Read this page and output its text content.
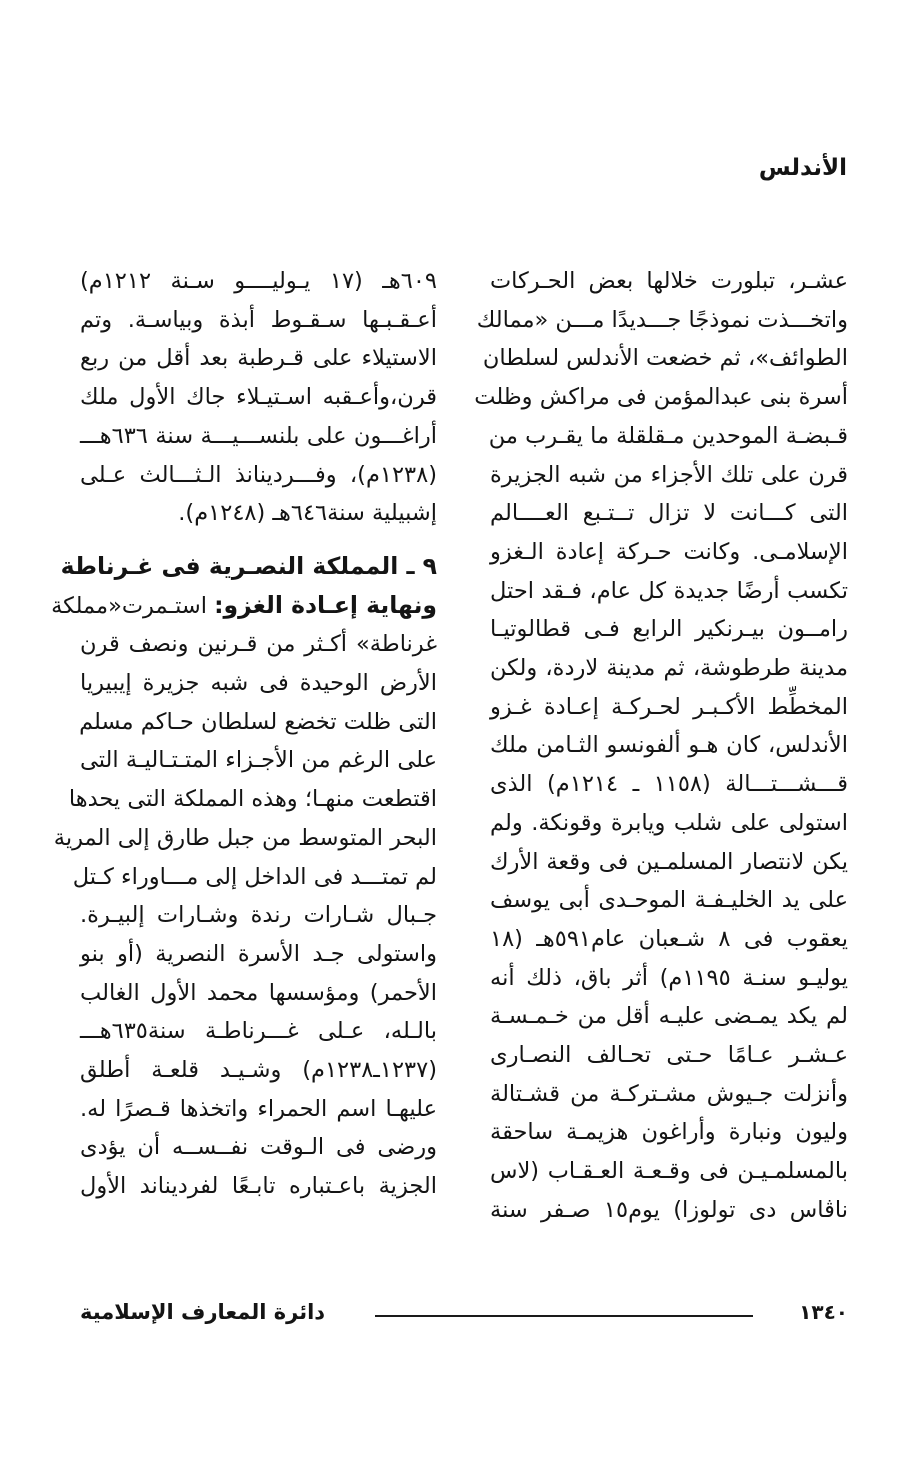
الأندلس
عشـر، تبلورت خلالها بعض الحـركات
واتخـــذت نموذجًا جـــديدًا مـــن «ممالك
الطوائف»، ثم خضعت الأندلس لسلطان
أسرة بنى عبدالمؤمن فى مراكش وظلت
قـبضـة الموحدين مـقلقلة ما يقـرب من
قرن على تلك الأجزاء من شبه الجزيرة
التى كـــانت لا تزال تــتـبع العــــالم
الإسلامـى. وكانت حـركة إعادة الـغزو
تكسب أرضًا جديدة كل عام، فـقد احتل
رامــون بيـرنكير الرابع فـى قطالوتيـا
مدينة طرطوشة، ثم مدينة لاردة، ولكن
المخطِّط الأكـبـر لحـركـة إعـادة غـزو
الأندلس، كان هـو ألفونسو الثـامن ملك
قـــشـــتـــالة (١١٥٨ ـ ١٢١٤م) الذى
استولى على شلب ويابرة وقونكة. ولم
يكن لانتصار المسلمـين فى وقعة الأرك
على يد الخليـفـة الموحـدى أبى يوسف
يعقوب فى ٨ شـعبان عام٥٩١هـ (١٨
يوليـو سنـة ١١٩٥م) أثر باق، ذلك أنه
لم يكد يمـضى عليـه أقل من خـمـسـة
عـشـر عـامًا حـتى تحـالف النصـارى
وأنزلت جـيوش مشـتركـة من قشـتالة
وليون ونبارة وأراغون هزيمـة ساحقة
بالمسلمـيـن فى وقـعـة العـقـاب (لاس
ناڤاس دى تولوزا) يوم١٥ صـفر سنة
٦٠٩هـ (١٧ يـوليــــو سـنة ١٢١٢م)
أعـقـبـها سـقـوط أبذة وبياسـة. وتم
الاستيلاء على قـرطبة بعد أقل من ربع
قرن،وأعـقبه اسـتيـلاء جاك الأول ملك
أراغـــون على بلنســـيـــة سنة ٦٣٦هـــ
(١٢٣٨م)، وفـــردينانذ الـثـــالث عـلى
إشبيلية سنة٦٤٦هـ (١٢٤٨م).
٩ ـ المملكة النصـرية فى غـرناطة
ونهاية إعـادة الغزو: استـمرت«مملكة
غرناطة» أكـثر من قـرنين ونصف قرن
الأرض الوحيدة فى شبه جزيرة إيبيريا
التى ظلت تخضع لسلطان حـاكم مسلم
على الرغم من الأجـزاء المتـتـاليـة التى
اقتطعت منهـا؛ وهذه المملكة التى يحدها
البحر المتوسط من جبل طارق إلى المرية
لم تمتـــد فى الداخل إلى مـــاوراء كـتل
جـبال شـارات رندة وشـارات إلبيـرة.
واستولى جـد الأسرة النصرية (أو بنو
الأحمر) ومؤسسها محمد الأول الغالب
بالـله، عـلى غـــرناطـة سنة٦٣٥هـــ
(١٢٣٧ـ١٢٣٨م) وشـيـد قلعـة أطلق
عليهـا اسم الحمراء واتخذها قـصرًا له.
ورضى فى الـوقت نفــســه أن يؤدى
الجزية باعـتباره تابـعًا لفرديناند الأول
١٣٤٠
دائرة المعارف الإسلامية
